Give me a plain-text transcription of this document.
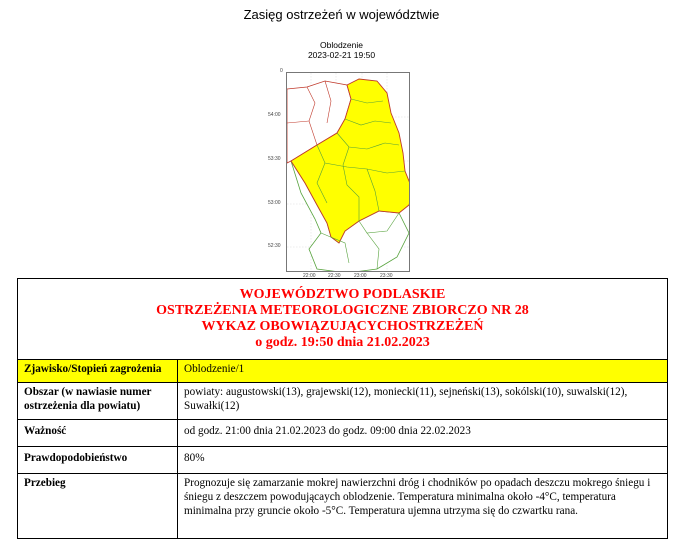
Zasięg ostrzeżeń w województwie
Oblodzenie
2023-02-21 19:50
0
54:00
53:30
53:00
52:30
22:00 22:30	23:00	23:30
WOJEWÓDZTWO PODLASKIE
OSTRZEŻENIA METEOROLOGICZNE ZBIORCZO NR 28
WYKAZ OBOWIĄZUJĄCYCHOSTRZEŻEŃ
o godz. 19:50 dnia 21.02.2023	

Zjawisko/Stopień zagrożenia	Oblodzenie/1
Obszar (w nawiasie numer ostrzeżenia dla powiatu)	powiaty: augustowski(13), grajewski(12), moniecki(11), sejneński(13), sokólski(10), suwalski(12), Suwałki(12)
Ważność	od godz. 21:00 dnia 21.02.2023 do godz. 09:00 dnia 22.02.2023
Prawdopodobieństwo	80%
Przebieg	Prognozuje się zamarzanie mokrej nawierzchni dróg i chodników po opadach deszczu mokrego śniegu i śniegu z deszczem powodującaych oblodzenie. Temperatura minimalna około -4°C, temperatura minimalna przy gruncie około -5°C. Temperatura ujemna utrzyma się do czwartku rana.
